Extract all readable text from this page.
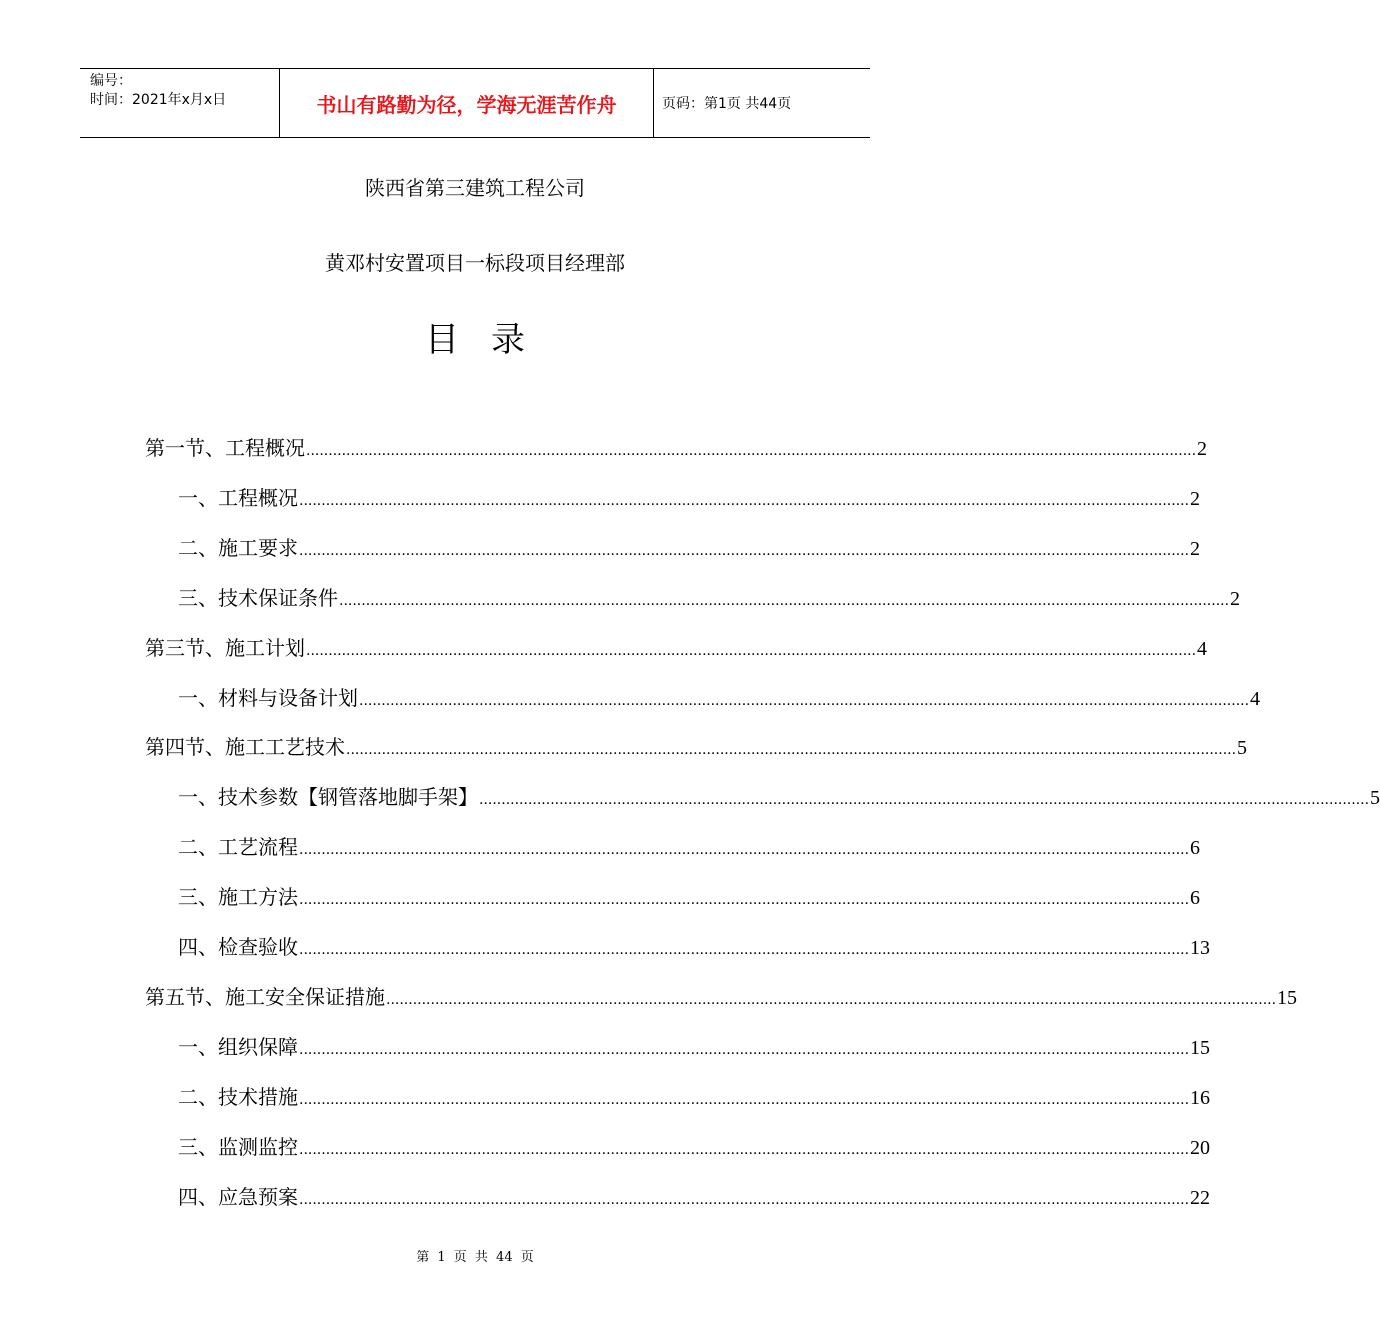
编号：
时间：2021年x月x日	书山有路勤为径，学海无涯苦作舟	页码：第1页 共44页
陕西省第三建筑工程公司
黄邓村安置项目一标段项目经理部
目录
第一节、工程概况 ........................................................................................................................................................................................................ 2
一、工程概况 ........................................................................................................................................................................................................ 2
二、施工要求 ........................................................................................................................................................................................................ 2
三、技术保证条件 ........................................................................................................................................................................................................ 2
第三节、施工计划 ........................................................................................................................................................................................................ 4
一、材料与设备计划 ........................................................................................................................................................................................................ 4
第四节、施工工艺技术 ........................................................................................................................................................................................................ 5
一、技术参数【钢管落地脚手架】 ........................................................................................................................................................................................................ 5
二、工艺流程 ........................................................................................................................................................................................................ 6
三、施工方法 ........................................................................................................................................................................................................ 6
四、检查验收 ........................................................................................................................................................................................................ 13
第五节、施工安全保证措施 ........................................................................................................................................................................................................ 15
一、组织保障 ........................................................................................................................................................................................................ 15
二、技术措施 ........................................................................................................................................................................................................ 16
三、监测监控 ........................................................................................................................................................................................................ 20
四、应急预案 ........................................................................................................................................................................................................ 22
第 1 页 共 44 页
